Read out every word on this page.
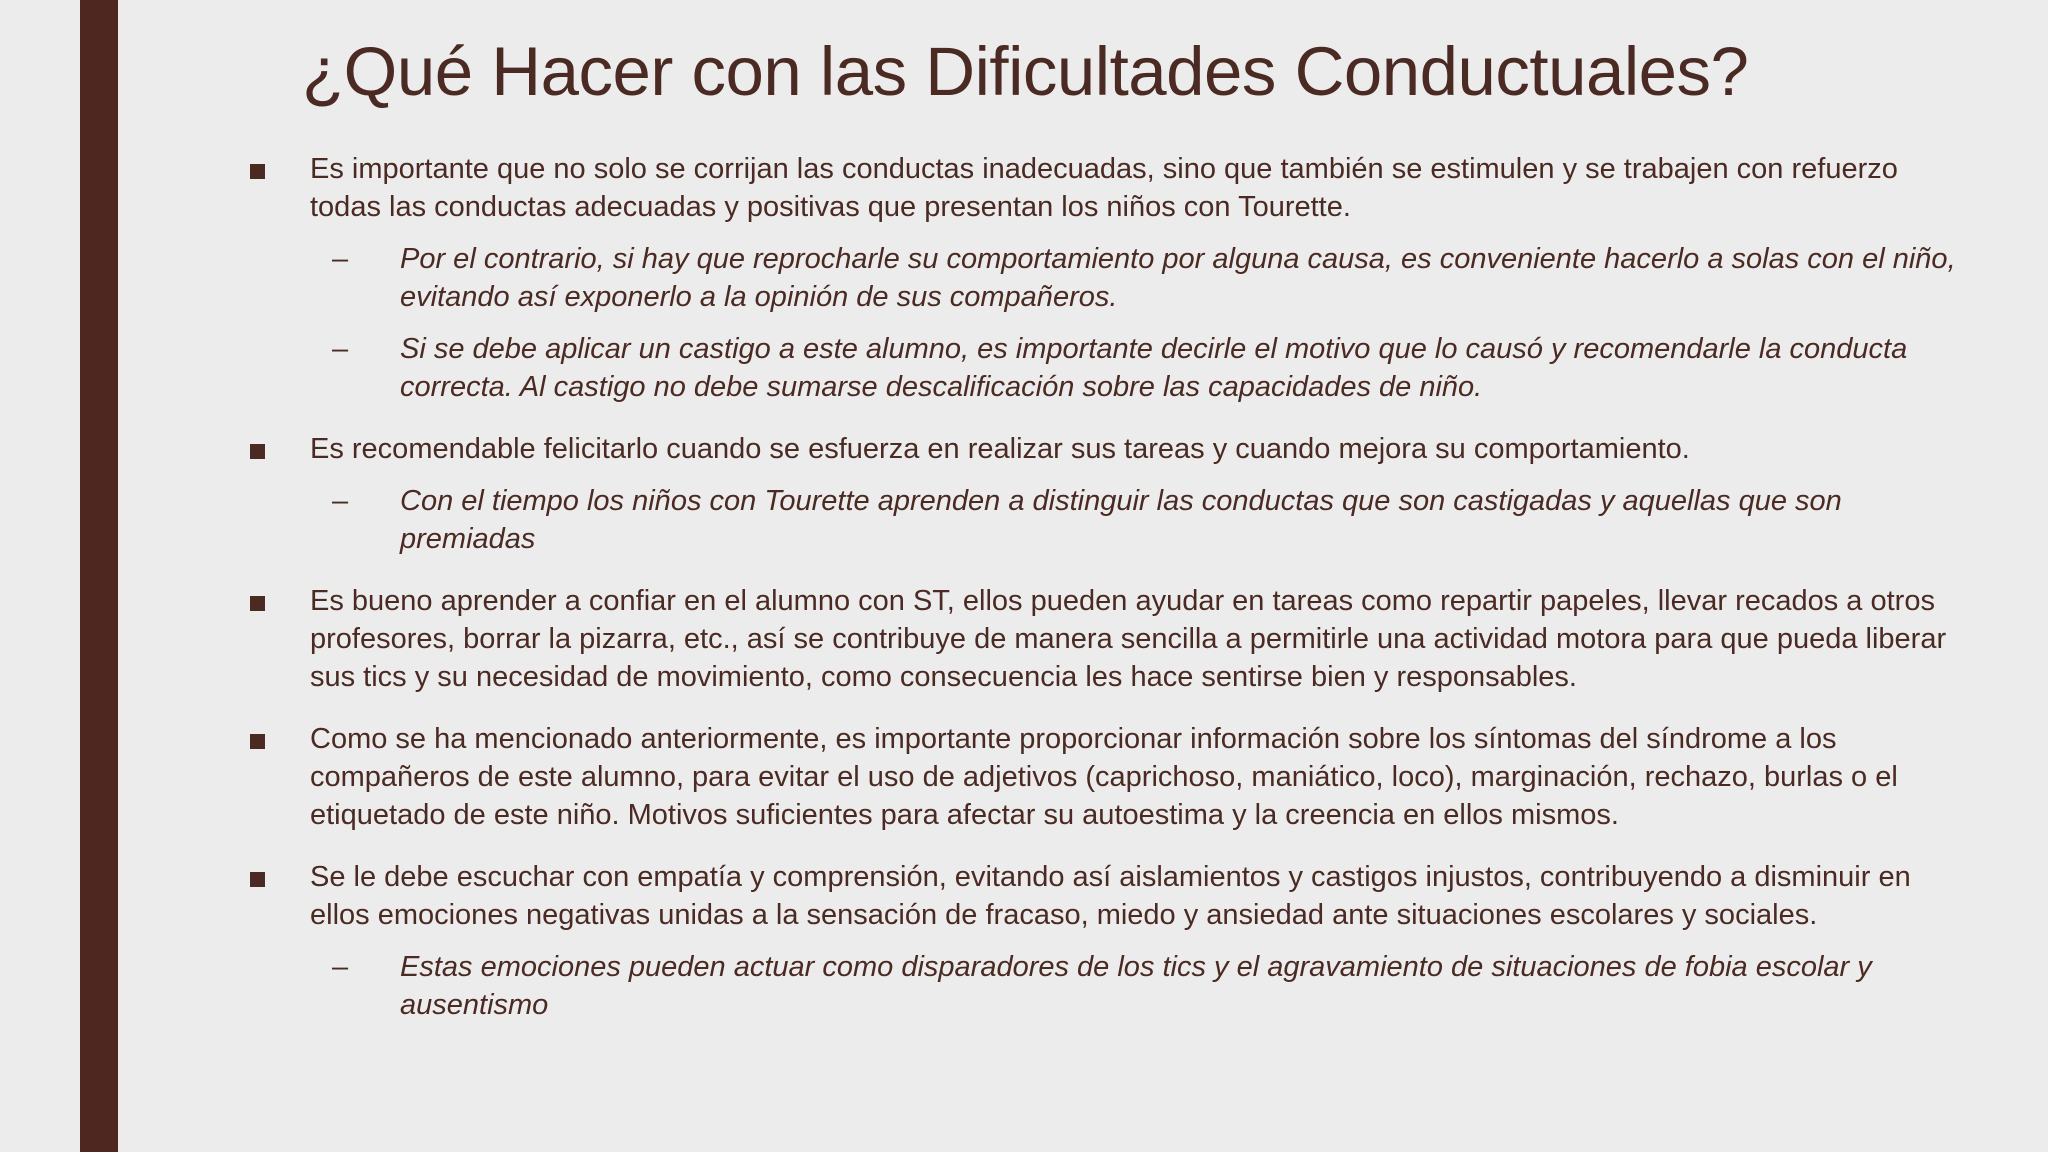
¿Qué Hacer con las Dificultades Conductuales?
Es importante que no solo se corrijan las conductas inadecuadas, sino que también se estimulen y se trabajen con refuerzo todas las conductas adecuadas y positivas que presentan los niños con Tourette.
– Por el contrario, si hay que reprocharle su comportamiento por alguna causa, es conveniente hacerlo a solas con el niño, evitando así exponerlo a la opinión de sus compañeros.
– Si se debe aplicar un castigo a este alumno, es importante decirle el motivo que lo causó y recomendarle la conducta correcta. Al castigo no debe sumarse descalificación sobre las capacidades de niño.
Es recomendable felicitarlo cuando se esfuerza en realizar sus tareas y cuando mejora su comportamiento.
– Con el tiempo los niños con Tourette aprenden a distinguir las conductas que son castigadas y aquellas que son premiadas
Es bueno aprender a confiar en el alumno con ST, ellos pueden ayudar en tareas como repartir papeles, llevar recados a otros profesores, borrar la pizarra, etc., así se contribuye de manera sencilla a permitirle una actividad motora para que pueda liberar sus tics y su necesidad de movimiento, como consecuencia les hace sentirse bien y responsables.
Como se ha mencionado anteriormente, es importante proporcionar información sobre los síntomas del síndrome a los compañeros de este alumno, para evitar el uso de adjetivos (caprichoso, maniático, loco), marginación, rechazo, burlas o el etiquetado de este niño. Motivos suficientes para afectar su autoestima y la creencia en ellos mismos.
Se le debe escuchar con empatía y comprensión, evitando así aislamientos y castigos injustos, contribuyendo a disminuir en ellos emociones negativas unidas a la sensación de fracaso, miedo y ansiedad ante situaciones escolares y sociales.
– Estas emociones pueden actuar como disparadores de los tics y el agravamiento de situaciones de fobia escolar y ausentismo
